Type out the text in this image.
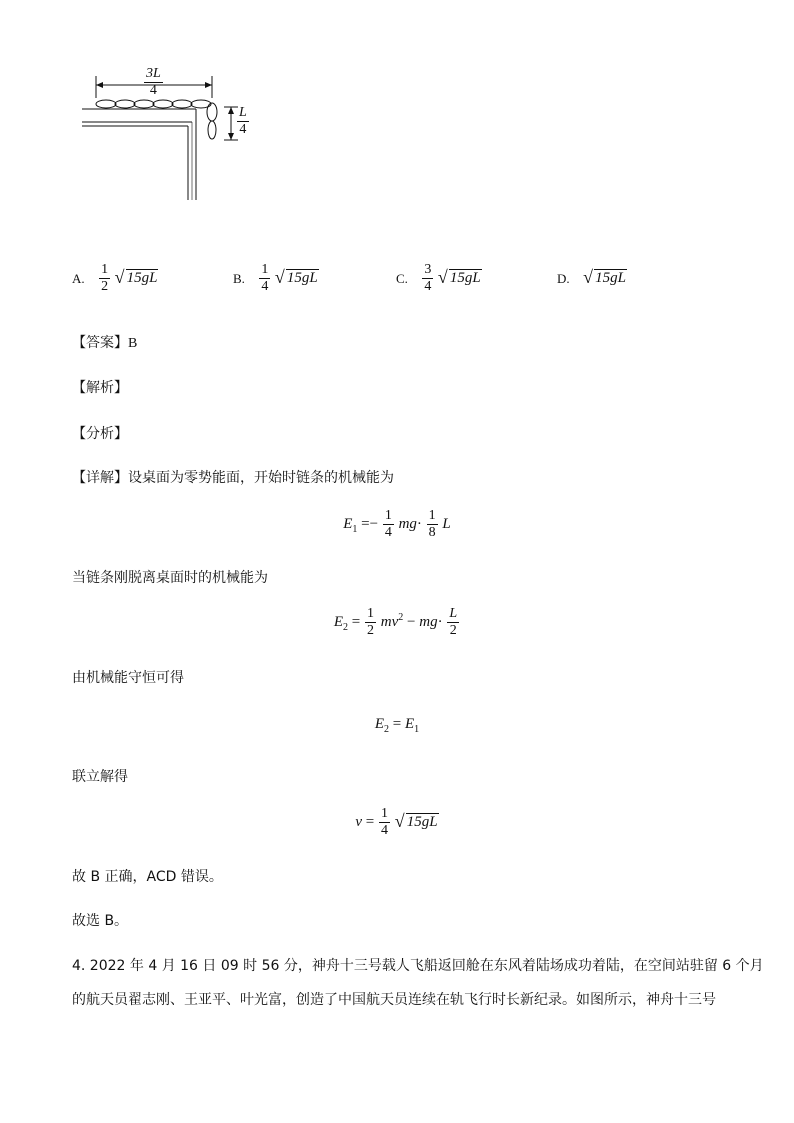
$\frac{3L}{4}$
$\frac{L}{4}$
A. $\frac{1}{2}$
√ 15gL	B. $\frac{1}{4}$
√ 15gL	C. $\frac{3}{4}$
√ 15gL	D. √ 15gL
【答案】B
【解析】
【分析】
【详解】设桌面为零势能面，开始时链条的机械能为
$E_1 =- \frac{1}{4} mg\cdot \frac{1}{8}$ L
当链条刚脱离桌面时的机械能为
$E_2 = \frac{1}{2} mv^2 - mg\cdot \frac{L}{2}$
由机械能守恒可得
$E_2 = E_1$
联立解得
$v = \frac{1}{4}$
√ 15gL
故 B 正确，ACD 错误。
故选 B。
4. 2022 年 4 月 16 日 09 时 56 分，神舟十三号载人飞船返回舱在东风着陆场成功着陆，在空间站驻留 6 个月
的航天员翟志刚、王亚平、叶光富，创造了中国航天员连续在轨飞行时长新纪录。如图所示，神舟十三号
